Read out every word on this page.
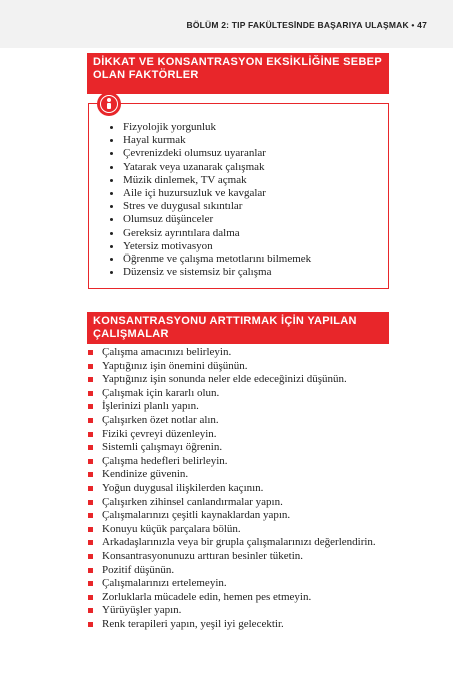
BÖLÜM 2: TIP FAKÜLTESİNDE BAŞARIYA ULAŞMAK • 47
DİKKAT VE KONSANTRASYON EKSİKLİĞİNE SEBEP
OLAN FAKTÖRLER
Fizyolojik yorgunluk
Hayal kurmak
Çevrenizdeki olumsuz uyaranlar
Yatarak veya uzanarak çalışmak
Müzik dinlemek, TV açmak
Aile içi huzursuzluk ve kavgalar
Stres ve duygusal sıkıntılar
Olumsuz düşünceler
Gereksiz ayrıntılara dalma
Yetersiz motivasyon
Öğrenme ve çalışma metotlarını bilmemek
Düzensiz ve sistemsiz bir çalışma
KONSANTRASYONU ARTTIRMAK İÇİN YAPILAN
ÇALIŞMALAR
Çalışma amacınızı belirleyin.
Yaptığınız işin önemini düşünün.
Yaptığınız işin sonunda neler elde edeceğinizi düşünün.
Çalışmak için kararlı olun.
İşlerinizi planlı yapın.
Çalışırken özet notlar alın.
Fiziki çevreyi düzenleyin.
Sistemli çalışmayı öğrenin.
Çalışma hedefleri belirleyin.
Kendinize güvenin.
Yoğun duygusal ilişkilerden kaçının.
Çalışırken zihinsel canlandırmalar yapın.
Çalışmalarınızı çeşitli kaynaklardan yapın.
Konuyu küçük parçalara bölün.
Arkadaşlarınızla veya bir grupla çalışmalarınızı değerlendirin.
Konsantrasyonunuzu arttıran besinler tüketin.
Pozitif düşünün.
Çalışmalarınızı ertelemeyin.
Zorluklarla mücadele edin, hemen pes etmeyin.
Yürüyüşler yapın.
Renk terapileri yapın, yeşil iyi gelecektir.
